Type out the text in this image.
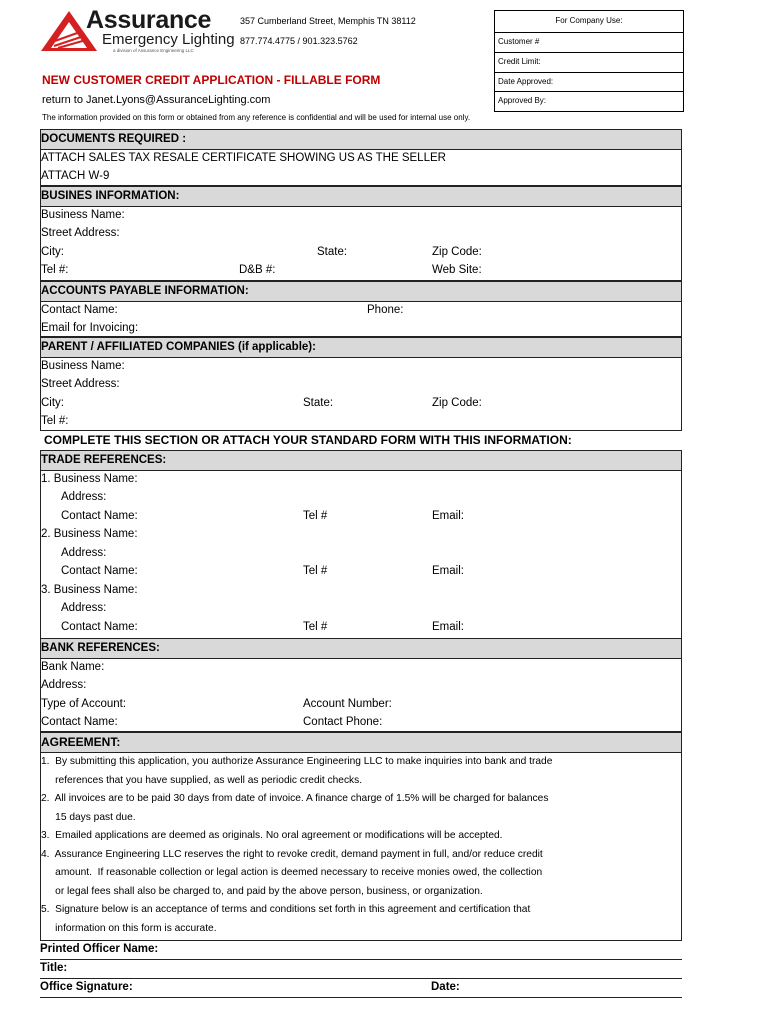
Assurance
Emergency Lighting
a division of Assurance Engineering LLC
357 Cumberland Street, Memphis TN 38112
877.774.4775 / 901.323.5762
NEW CUSTOMER CREDIT APPLICATION - FILLABLE FORM
return to Janet.Lyons@AssuranceLighting.com
The information provided on this form or obtained from any reference is confidential and will be used for internal use only.
For Company Use:
Customer #
Credit Limit:
Date Approved:
Approved By:
DOCUMENTS REQUIRED :
ATTACH SALES TAX RESALE CERTIFICATE SHOWING US AS THE SELLER
ATTACH W-9
BUSINES INFORMATION:
Business Name:
Street Address:
City:	State:	Zip Code:
Tel #:	D&B #:	Web Site:
ACCOUNTS PAYABLE INFORMATION:
Contact Name:	Phone:
Email for Invoicing:
PARENT / AFFILIATED COMPANIES (if applicable):
Business Name:
Street Address:
City:	State:	Zip Code:
Tel #:
COMPLETE THIS SECTION OR ATTACH YOUR STANDARD FORM WITH THIS INFORMATION:
TRADE REFERENCES:
1. Business Name:
Address:
Contact Name:	Tel #	Email:
2. Business Name:
Address:
Contact Name:	Tel #	Email:
3. Business Name:
Address:
Contact Name:	Tel #	Email:
BANK REFERENCES:
Bank Name:
Address:
Type of Account:	Account Number:
Contact Name:	Contact Phone:
AGREEMENT:
1.  By submitting this application, you authorize Assurance Engineering LLC to make inquiries into bank and trade
references that you have supplied, as well as periodic credit checks.
2.  All invoices are to be paid 30 days from date of invoice. A finance charge of 1.5% will be charged for balances
15 days past due.
3.  Emailed applications are deemed as originals. No oral agreement or modifications will be accepted.
4.  Assurance Engineering LLC reserves the right to revoke credit, demand payment in full, and/or reduce credit
amount.  If reasonable collection or legal action is deemed necessary to receive monies owed, the collection
or legal fees shall also be charged to, and paid by the above person, business, or organization.
5.  Signature below is an acceptance of terms and conditions set forth in this agreement and certification that
information on this form is accurate.
Printed Officer Name:
Title:
Office Signature:	Date:
